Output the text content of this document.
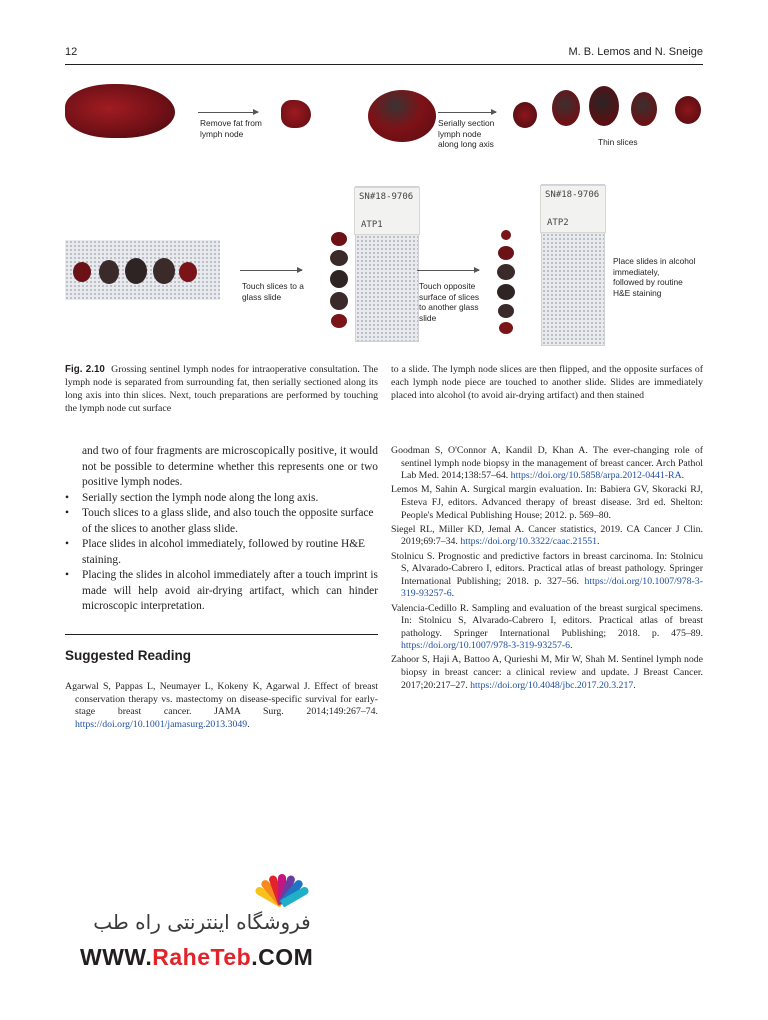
12	M. B. Lemos and N. Sneige
Remove fat from
lymph node
Serially section
lymph node
along long axis	Thin slices
Touch slices to a
glass slide
SN#18-9706
ATP1
Touch opposite
surface of slices
to another glass
slide
SN#18-9706
ATP2
Place slides in alcohol
immediately,
followed by routine
H&E staining
Fig. 2.10 Grossing sentinel lymph nodes for intraoperative consultation. The lymph node is separated from surrounding fat, then serially sectioned along its long axis into thin slices. Next, touch preparations are performed by touching the lymph node cut surface
to a slide. The lymph node slices are then flipped, and the opposite surfaces of each lymph node piece are touched to another slide. Slides are immediately placed into alcohol (to avoid air-drying artifact) and then stained
and two of four fragments are microscopically positive, it would not be possible to determine whether this represents one or two positive lymph nodes.
• Serially section the lymph node along the long axis.
• Touch slices to a glass slide, and also touch the opposite surface of the slices to another glass slide.
• Place slides in alcohol immediately, followed by routine H&E staining.
• Placing the slides in alcohol immediately after a touch imprint is made will help avoid air-drying artifact, which can hinder microscopic interpretation.
Suggested Reading
Agarwal S, Pappas L, Neumayer L, Kokeny K, Agarwal J. Effect of breast conservation therapy vs. mastectomy on disease-specific survival for early-stage breast cancer. JAMA Surg. 2014;149:267–74. https://doi.org/10.1001/jamasurg.2013.3049.
Goodman S, O'Connor A, Kandil D, Khan A. The ever-changing role of sentinel lymph node biopsy in the management of breast cancer. Arch Pathol Lab Med. 2014;138:57–64. https://doi.org/10.5858/arpa.2012-0441-RA.
Lemos M, Sahin A. Surgical margin evaluation. In: Babiera GV, Skoracki RJ, Esteva FJ, editors. Advanced therapy of breast disease. 3rd ed. Shelton: People's Medical Publishing House; 2012. p. 569–80.
Siegel RL, Miller KD, Jemal A. Cancer statistics, 2019. CA Cancer J Clin. 2019;69:7–34. https://doi.org/10.3322/caac.21551.
Stolnicu S. Prognostic and predictive factors in breast carcinoma. In: Stolnicu S, Alvarado-Cabrero I, editors. Practical atlas of breast pathology. Springer International Publishing; 2018. p. 327–56. https://doi.org/10.1007/978-3-319-93257-6.
Valencia-Cedillo R. Sampling and evaluation of the breast surgical specimens. In: Stolnicu S, Alvarado-Cabrero I, editors. Practical atlas of breast pathology. Springer International Publishing; 2018. p. 475–89. https://doi.org/10.1007/978-3-319-93257-6.
Zahoor S, Haji A, Battoo A, Qurieshi M, Mir W, Shah M. Sentinel lymph node biopsy in breast cancer: a clinical review and update. J Breast Cancer. 2017;20:217–27. https://doi.org/10.4048/jbc.2017.20.3.217.
فروشگاه اینترنتی راه طب
WWW.RaheTeb.COM
